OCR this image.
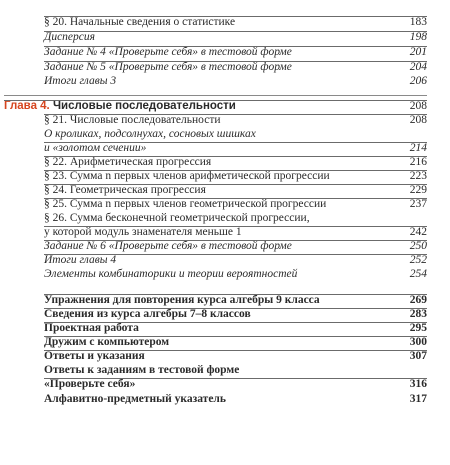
§ 20. Начальные сведения о статистике	183
Дисперсия	198
Задание № 4 «Проверьте себя» в тестовой форме	201
Задание № 5 «Проверьте себя» в тестовой форме	204
Итоги главы 3	206
Глава 4. Числовые последовательности	208
§ 21. Числовые последовательности	208
О кроликах, подсолнухах, сосновых шишках
и «золотом сечении»	214
§ 22. Арифметическая прогрессия	216
§ 23. Сумма n первых членов арифметической прогрессии	223
§ 24. Геометрическая прогрессия	229
§ 25. Сумма n первых членов геометрической прогрессии	237
§ 26. Сумма бесконечной геометрической прогрессии,
у которой модуль знаменателя меньше 1	242
Задание № 6 «Проверьте себя» в тестовой форме	250
Итоги главы 4	252
Элементы комбинаторики и теории вероятностей	254
Упражнения для повторения курса алгебры 9 класса	269
Сведения из курса алгебры 7–8 классов	283
Проектная работа	295
Дружим с компьютером	300
Ответы и указания	307
Ответы к заданиям в тестовой форме
«Проверьте себя»	316
Алфавитно-предметный указатель	317
